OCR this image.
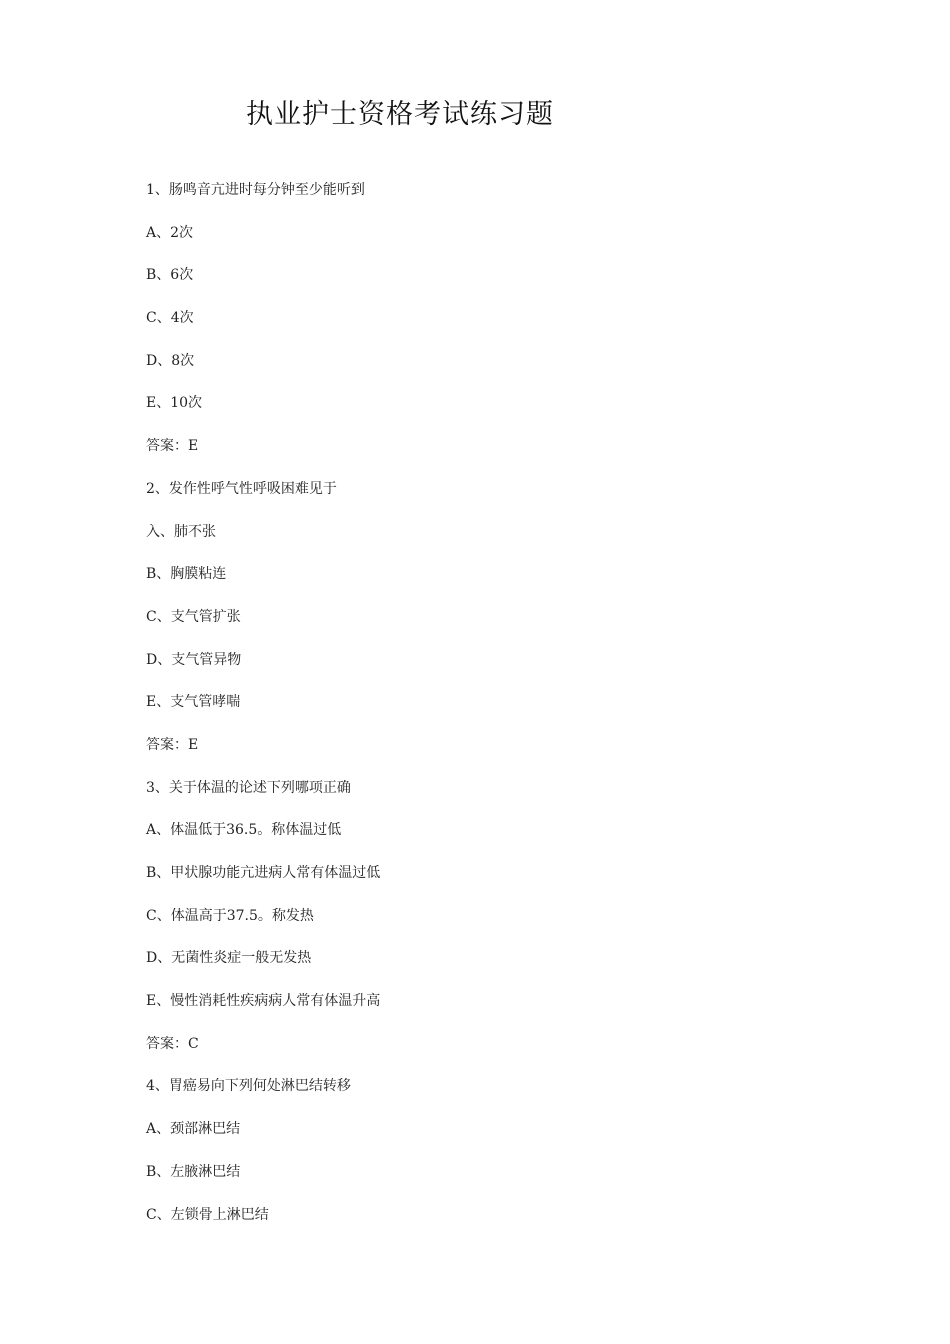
执业护士资格考试练习题
1、肠鸣音亢进时每分钟至少能听到
A、2次
B、6次
C、4次
D、8次
E、10次
答案：E
2、发作性呼气性呼吸困难见于
入、肺不张
B、胸膜粘连
C、支气管扩张
D、支气管异物
E、支气管哮喘
答案：E
3、关于体温的论述下列哪项正确
A、体温低于36.5。称体温过低
B、甲状腺功能亢进病人常有体温过低
C、体温高于37.5。称发热
D、无菌性炎症一般无发热
E、慢性消耗性疾病病人常有体温升高
答案：C
4、胃癌易向下列何处淋巴结转移
A、颈部淋巴结
B、左腋淋巴结
C、左锁骨上淋巴结
